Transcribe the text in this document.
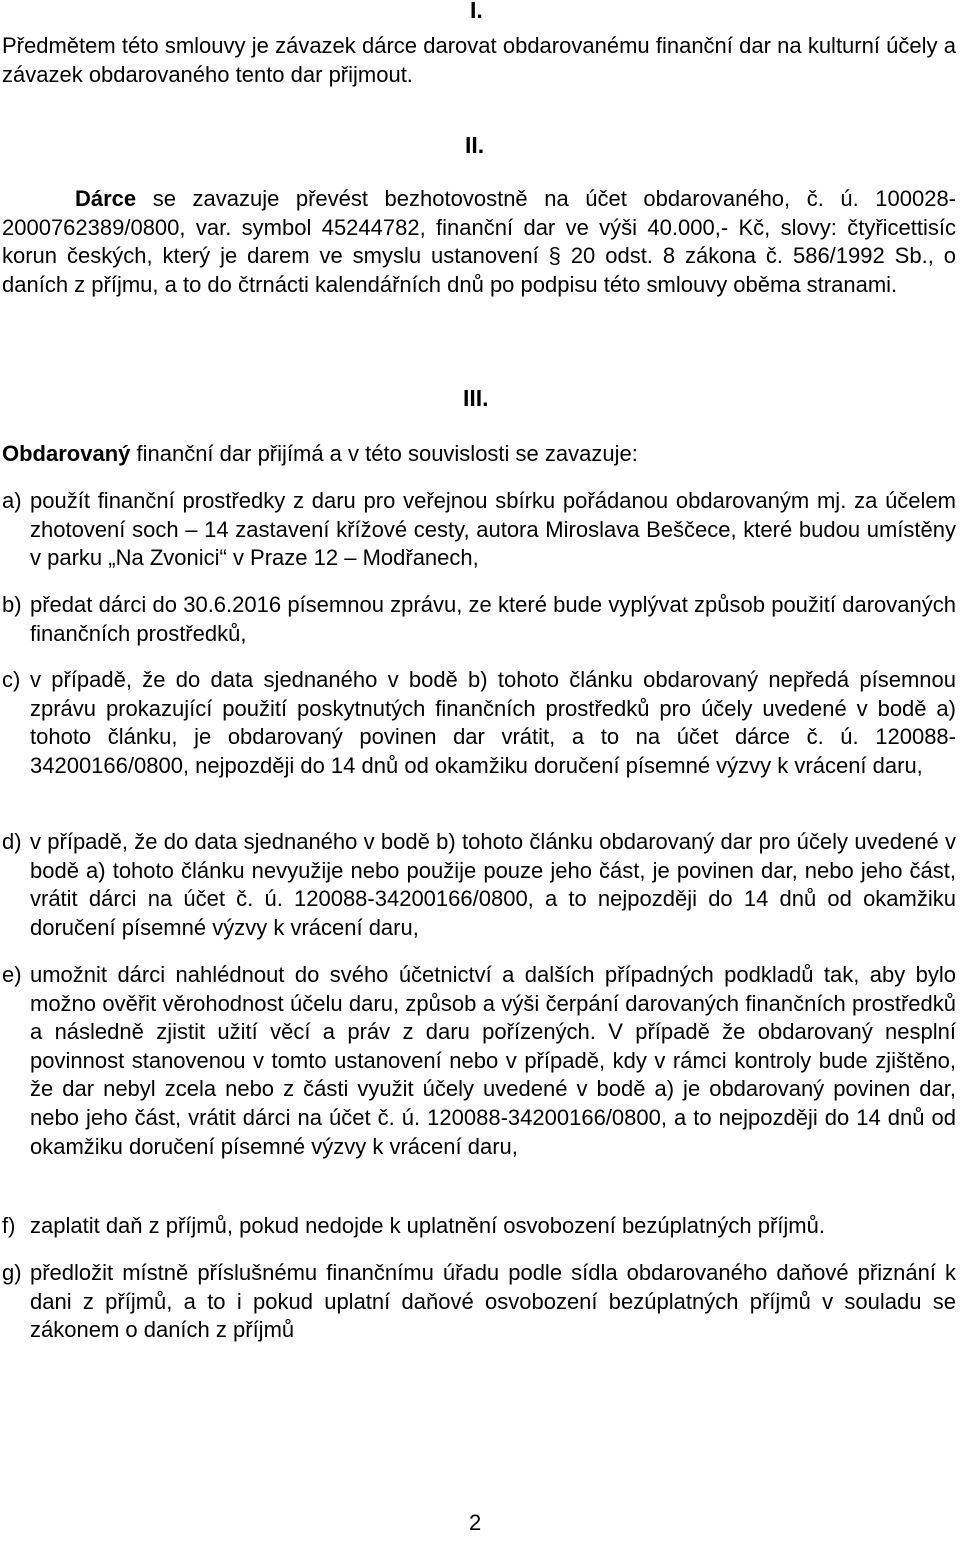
I.

Předmětem této smlouvy je závazek dárce darovat obdarovanému finanční dar na kulturní účely a závazek obdarovaného tento dar přijmout.

II.

Dárce se zavazuje převést bezhotovostně na účet obdarovaného, č. ú. 100028-2000762389/0800, var. symbol 45244782, finanční dar ve výši 40.000,- Kč, slovy: čtyřicettisíc korun českých, který je darem ve smyslu ustanovení § 20 odst. 8 zákona č. 586/1992 Sb., o daních z příjmu, a to do čtrnácti kalendářních dnů po podpisu této smlouvy oběma stranami.

III.

Obdarovaný finanční dar přijímá a v této souvislosti se zavazuje:

a) použít finanční prostředky z daru pro veřejnou sbírku pořádanou obdarovaným mj. za účelem zhotovení soch – 14 zastavení křížové cesty, autora Miroslava Beščece, které budou umístěny v parku „Na Zvonici“ v Praze 12 – Modřanech,
b) předat dárci do 30.6.2016 písemnou zprávu, ze které bude vyplývat způsob použití darovaných finančních prostředků,
c) v případě, že do data sjednaného v bodě b) tohoto článku obdarovaný nepředá písemnou zprávu prokazující použití poskytnutých finančních prostředků pro účely uvedené v bodě a) tohoto článku, je obdarovaný povinen dar vrátit, a to na účet dárce č. ú. 120088-34200166/0800, nejpozději do 14 dnů od okamžiku doručení písemné výzvy k vrácení daru,
d) v případě, že do data sjednaného v bodě b) tohoto článku obdarovaný dar pro účely uvedené v bodě a) tohoto článku nevyužije nebo použije pouze jeho část, je povinen dar, nebo jeho část, vrátit dárci na účet č. ú. 120088-34200166/0800, a to nejpozději do 14 dnů od okamžiku doručení písemné výzvy k vrácení daru,
e) umožnit dárci nahlédnout do svého účetnictví a dalších případných podkladů tak, aby bylo možno ověřit věrohodnost účelu daru, způsob a výši čerpání darovaných finančních prostředků a následně zjistit užití věcí a práv z daru pořízených. V případě že obdarovaný nesplní povinnost stanovenou v tomto ustanovení nebo v případě, kdy v rámci kontroly bude zjištěno, že dar nebyl zcela nebo z části využit účely uvedené v bodě a) je obdarovaný povinen dar, nebo jeho část, vrátit dárci na účet č. ú. 120088-34200166/0800, a to nejpozději do 14 dnů od okamžiku doručení písemné výzvy k vrácení daru,
f) zaplatit daň z příjmů, pokud nedojde k uplatnění osvobození bezúplatných příjmů.
g) předložit místně příslušnému finančnímu úřadu podle sídla obdarovaného daňové přiznání k dani z příjmů, a to i pokud uplatní daňové osvobození bezúplatných příjmů v souladu se zákonem o daních z příjmů
2
